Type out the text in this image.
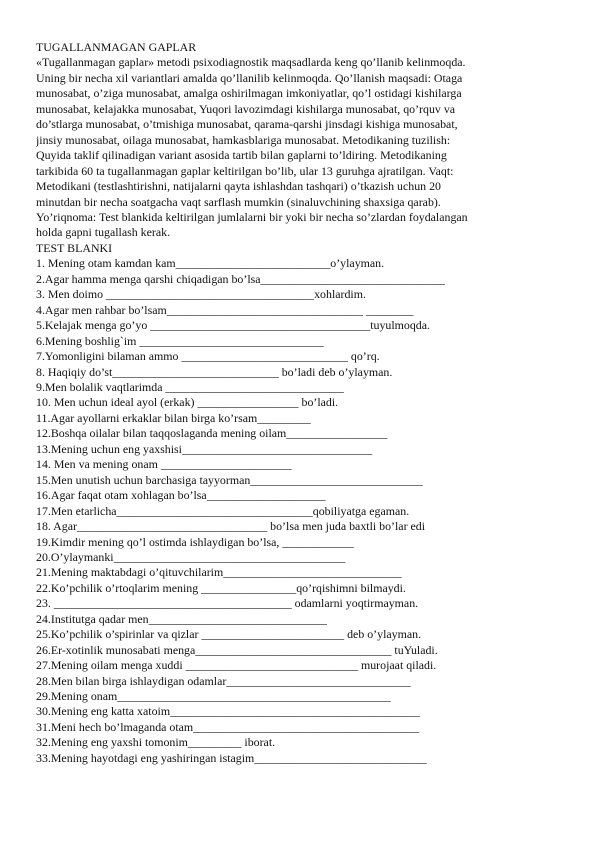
TUGALLANMAGAN GAPLAR
«Tugallanmagan gaplar» metodi psixodiagnostik maqsadlarda keng qo’llanib kelinmoqda.
Uning bir necha xil variantlari amalda qo’llanilib kelinmoqda. Qo’llanish maqsadi: Otaga
munosabat, o’ziga munosabat, amalga oshirilmagan imkoniyatlar, qo’l ostidagi kishilarga
munosabat, kelajakka munosabat, Yuqori lavozimdagi kishilarga munosabat, qo’rquv va
do’stlarga munosabat, o’tmishiga munosabat, qarama-qarshi jinsdagi kishiga munosabat,
jinsiy munosabat, oilaga munosabat, hamkasblariga munosabat. Metodikaning tuzilish:
Quyida taklif qilinadigan variant asosida tartib bilan gaplarni to’ldiring. Metodikaning
tarkibida 60 ta tugallanmagan gaplar keltirilgan bo’lib, ular 13 guruhga ajratilgan. Vaqt:
Metodikani (testlashtirishni, natijalarni qayta ishlashdan tashqari) o’tkazish uchun 20
minutdan bir necha soatgacha vaqt sarflash mumkin (sinaluvchining shaxsiga qarab).
Yo’riqnoma: Test blankida keltirilgan jumlalarni bir yoki bir necha so’zlardan foydalangan
holda gapni tugallash kerak.
TEST BLANKI
1. Mening otam kamdan kam__________________________o’ylayman.
2.Agar hamma menga qarshi chiqadigan bo’lsa_______________________________
3. Men doimo ___________________________________xohlardim.
4.Agar men rahbar bo’lsam_________________________________ ________
5.Kelajak menga go’yo _____________________________________tuyulmoqda.
6.Mening boshlig`im _______________________________
7.Yomonligini bilaman ammo ____________________________ qo’rq.
8. Haqiqiy do’st____________________________ bo’ladi deb o’ylayman.
9.Men bolalik vaqtlarimda ______________________________
10. Men uchun ideal ayol (erkak) _________________ bo’ladi.
11.Agar ayollarni erkaklar bilan birga ko’rsam_________
12.Boshqa oilalar bilan taqqoslaganda mening oilam_________________
13.Mening uchun eng yaxshisi________________________________
14. Men va mening onam ______________________
15.Men unutish uchun barchasiga tayyorman_____________________________
16.Agar faqat otam xohlagan bo’lsa____________________
17.Men etarlicha_________________________________qobiliyatga egaman.
18. Agar________________________________ bo’lsa men juda baxtli bo’lar edi
19.Kimdir mening qo’l ostimda ishlaydigan bo’lsa, ____________
20.O’ylaymanki_______________________________________
21.Mening maktabdagi o’qituvchilarim______________________________
22.Ko’pchilik o’rtoqlarim mening ________________qo’rqishimni bilmaydi.
23. ________________________________________ odamlarni yoqtirmayman.
24.Institutga qadar men______________________________
25.Ko’pchilik o’spirinlar va qizlar ________________________ deb o’ylayman.
26.Er-xotinlik munosabati menga_________________________________ tuYuladi.
27.Mening oilam menga xuddi _____________________________ murojaat qiladi.
28.Men bilan birga ishlaydigan odamlar_______________________________
29.Mening onam______________________________________________
30.Mening eng katta xatoim__________________________________________
31.Meni hech bo’lmaganda otam______________________________________
32.Mening eng yaxshi tomonim_________ iborat.
33.Mening hayotdagi eng yashiringan istagim_____________________________
